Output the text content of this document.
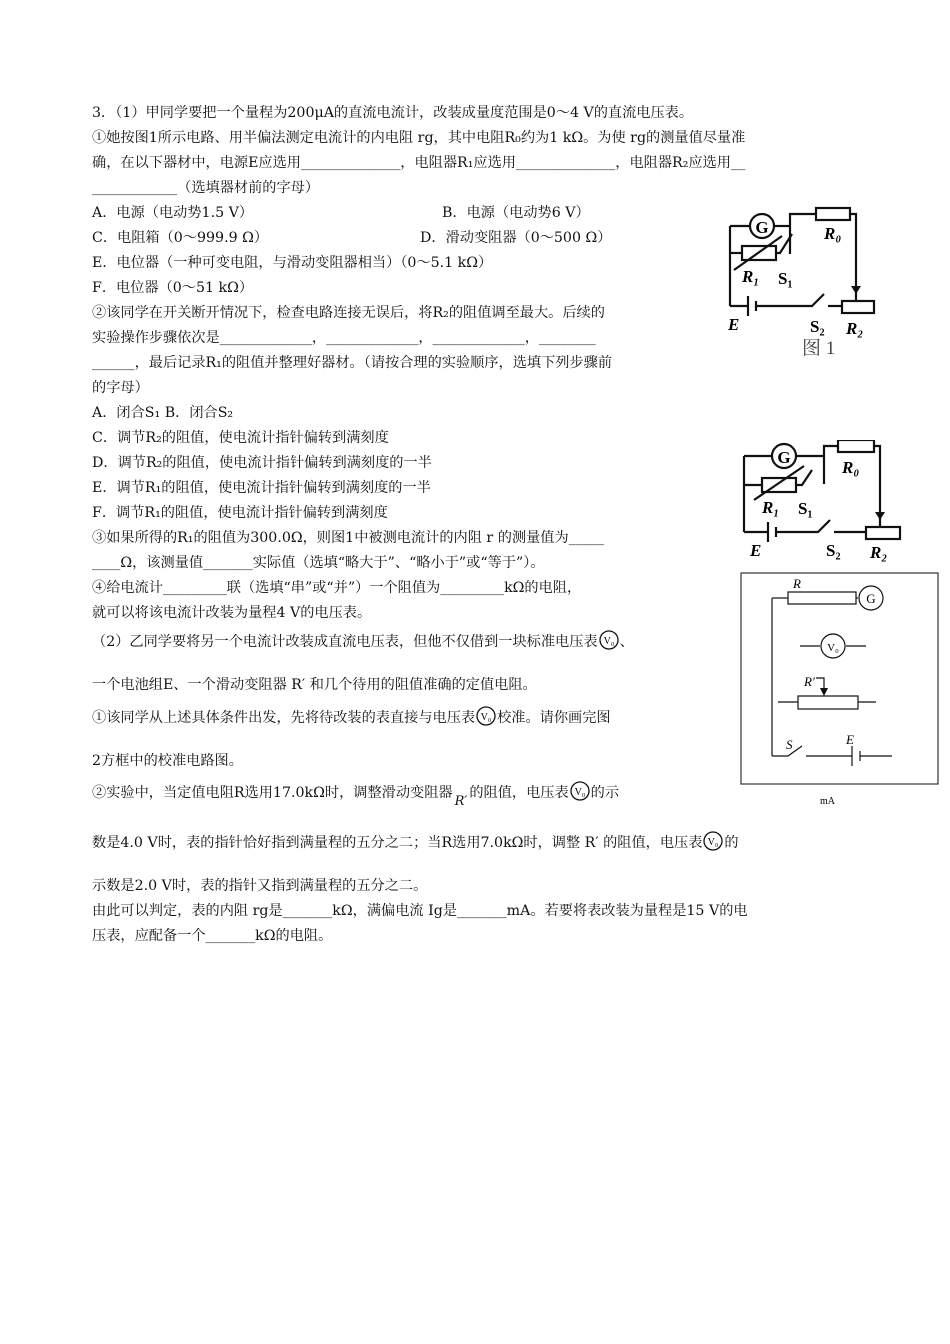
3．（1）甲同学要把一个量程为200μA的直流电流计，改装成量度范围是0～4 V的直流电压表。
①她按图1所示电路、用半偏法测定电流计的内电阻 rg，其中电阻R₀约为1 kΩ。为使 rg的测量值尽量准
确，在以下器材中，电源E应选用______________，电阻器R₁应选用______________，电阻器R₂应选用__
____________（选填器材前的字母）
A．电源（电动势1.5 V）	B．电源（电动势6 V）
C．电阻箱（0～999.9 Ω）	D．滑动变阻器（0～500 Ω）
E．电位器（一种可变电阻，与滑动变阻器相当）（0～5.1 kΩ）
F．电位器（0～51 kΩ）
②该同学在开关断开情况下，检查电路连接无误后，将R₂的阻值调至最大。后续的
实验操作步骤依次是_____________，_____________，_____________，________
______，最后记录R₁的阻值并整理好器材。（请按合理的实验顺序，选填下列步骤前
的字母）
A．闭合S₁ B．闭合S₂
C．调节R₂的阻值，使电流计指针偏转到满刻度
D．调节R₂的阻值，使电流计指针偏转到满刻度的一半
E．调节R₁的阻值，使电流计指针偏转到满刻度的一半
F．调节R₁的阻值，使电流计指针偏转到满刻度
③如果所得的R₁的阻值为300.0Ω，则图1中被测电流计的内阻 r 的测量值为_____
____Ω，该测量值_______实际值（选填“略大于”、“略小于”或“等于”）。
④给电流计_________联（选填“串”或“并”）一个阻值为_________kΩ的电阻，
就可以将该电流计改装为量程4 V的电压表。
（2）乙同学要将另一个电流计改装成直流电压表，但他不仅借到一块标准电压表 V₀ 、
一个电池组E、一个滑动变阻器 R′ 和几个待用的阻值准确的定值电阻。
①该同学从上述具体条件出发，先将待改装的表直接与电压表 V₀ 校准。请你画完图
2方框中的校准电路图。
②实验中，当定值电阻R选用17.0kΩ时，调整滑动变阻器R′的阻值，电压表 V₀ 的示
数是4.0 V时，表的指针恰好指到满量程的五分之二；当R选用7.0kΩ时，调整 R′ 的阻值，电压表 V₀ 的
示数是2.0 V时，表的指针又指到满量程的五分之二。
由此可以判定，表的内阻 rg是_______kΩ，满偏电流 Ig是_______mA。若要将表改装为量程是15 V的电
压表，应配备一个_______kΩ的电阻。
G	R₀
R₁ S₁
E	S₂ R₂
图 1
G
R₀
R₁ S₁
E	S₂ R₂
R
G
V₀
R′
S	E
mA
